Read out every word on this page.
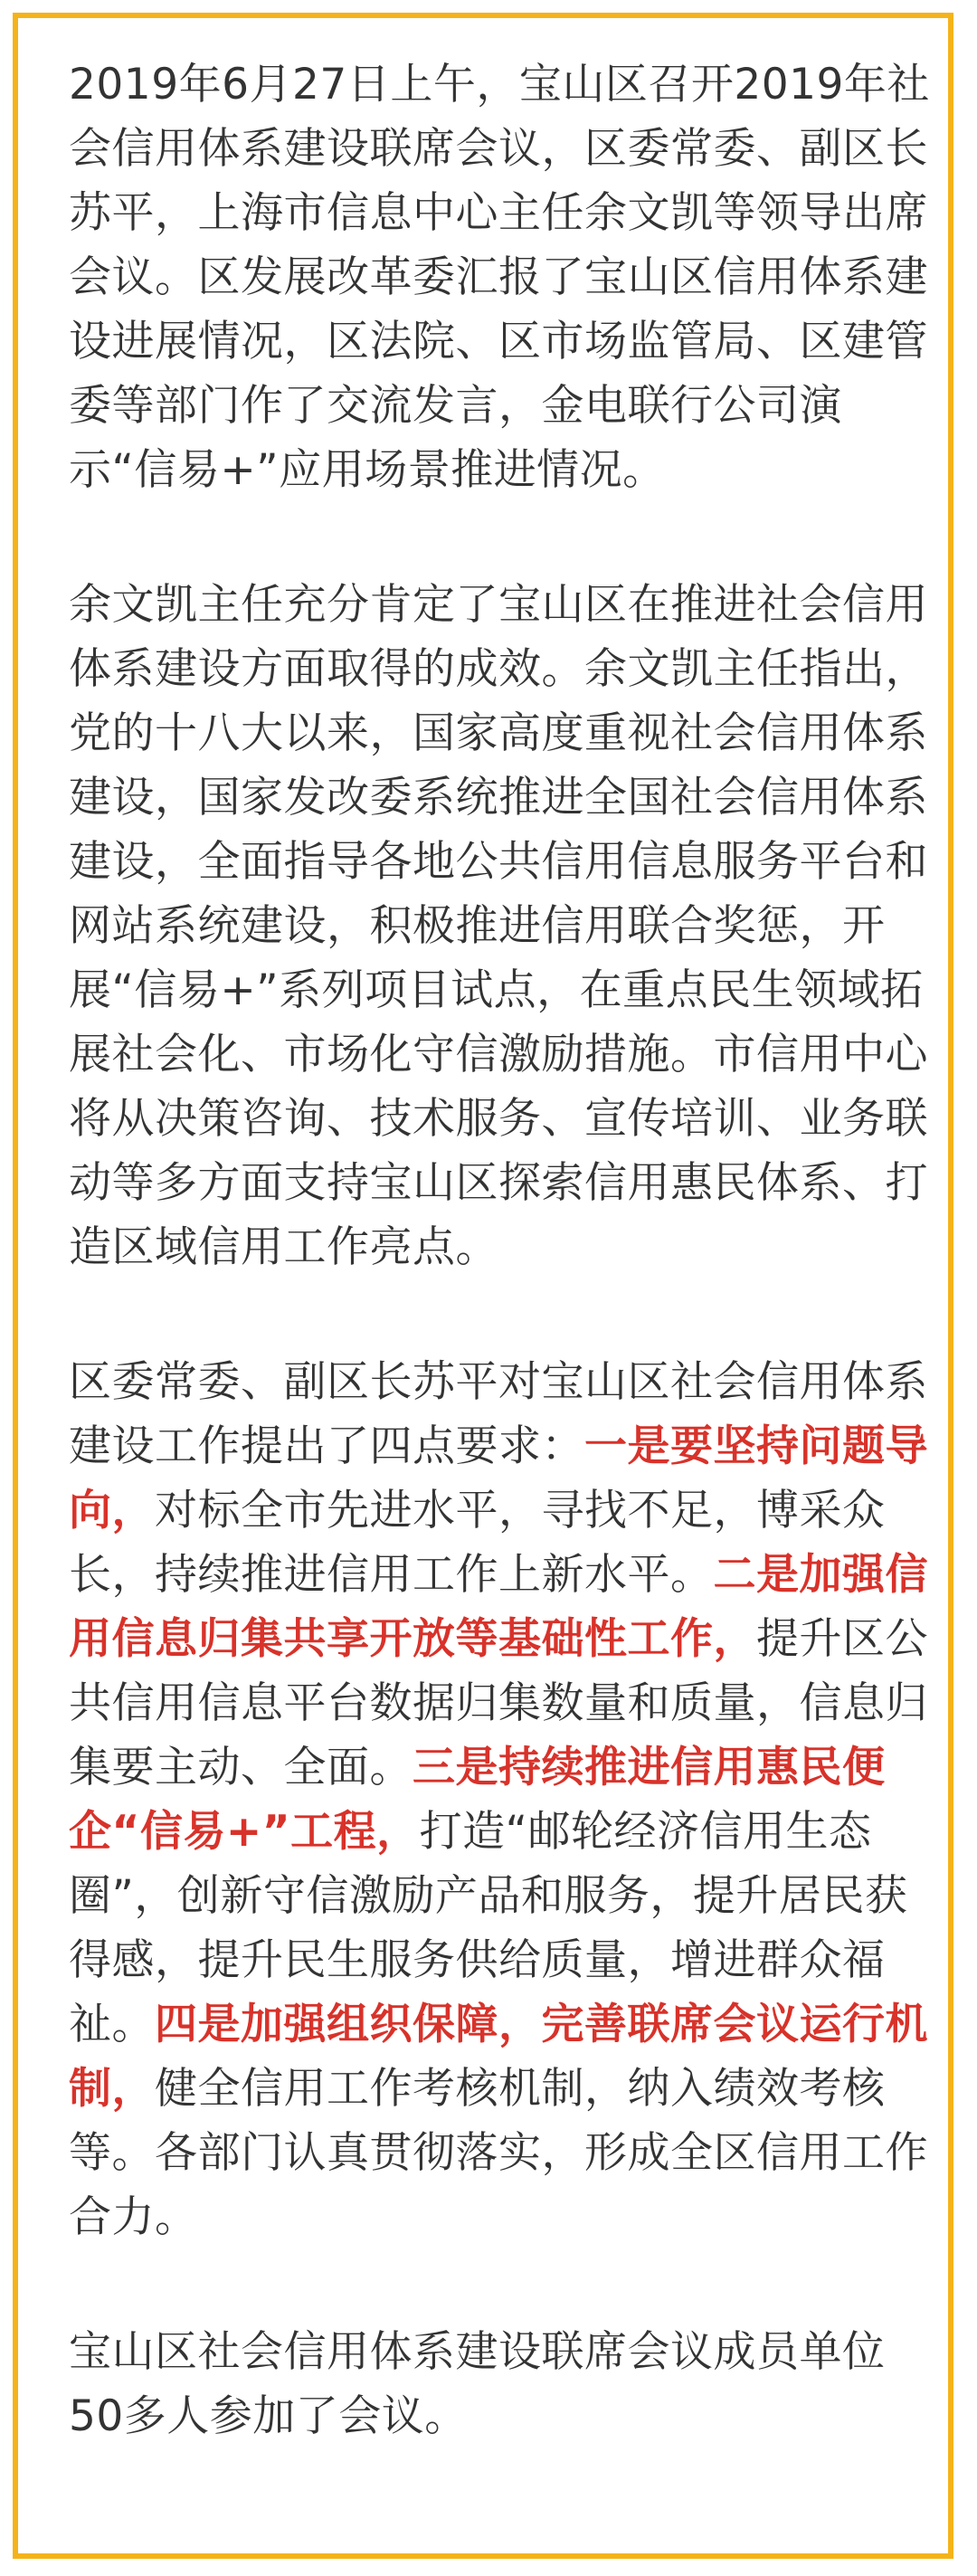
2019年6月27日上午，宝山区召开2019年社会信用体系建设联席会议，区委常委、副区长苏平，上海市信息中心主任余文凯等领导出席会议。区发展改革委汇报了宝山区信用体系建设进展情况，区法院、区市场监管局、区建管委等部门作了交流发言，金电联行公司演示“信易+”应用场景推进情况。

余文凯主任充分肯定了宝山区在推进社会信用体系建设方面取得的成效。余文凯主任指出，党的十八大以来，国家高度重视社会信用体系建设，国家发改委系统推进全国社会信用体系建设，全面指导各地公共信用信息服务平台和网站系统建设，积极推进信用联合奖惩，开展“信易+”系列项目试点，在重点民生领域拓展社会化、市场化守信激励措施。市信用中心将从决策咨询、技术服务、宣传培训、业务联动等多方面支持宝山区探索信用惠民体系、打造区域信用工作亮点。

区委常委、副区长苏平对宝山区社会信用体系建设工作提出了四点要求：一是要坚持问题导向，对标全市先进水平，寻找不足，博采众长，持续推进信用工作上新水平。二是加强信用信息归集共享开放等基础性工作，提升区公共信用信息平台数据归集数量和质量，信息归集要主动、全面。三是持续推进信用惠民便企“信易+”工程，打造“邮轮经济信用生态圈”，创新守信激励产品和服务，提升居民获得感，提升民生服务供给质量，增进群众福祉。四是加强组织保障，完善联席会议运行机制，健全信用工作考核机制，纳入绩效考核等。各部门认真贯彻落实，形成全区信用工作合力。

宝山区社会信用体系建设联席会议成员单位50多人参加了会议。
